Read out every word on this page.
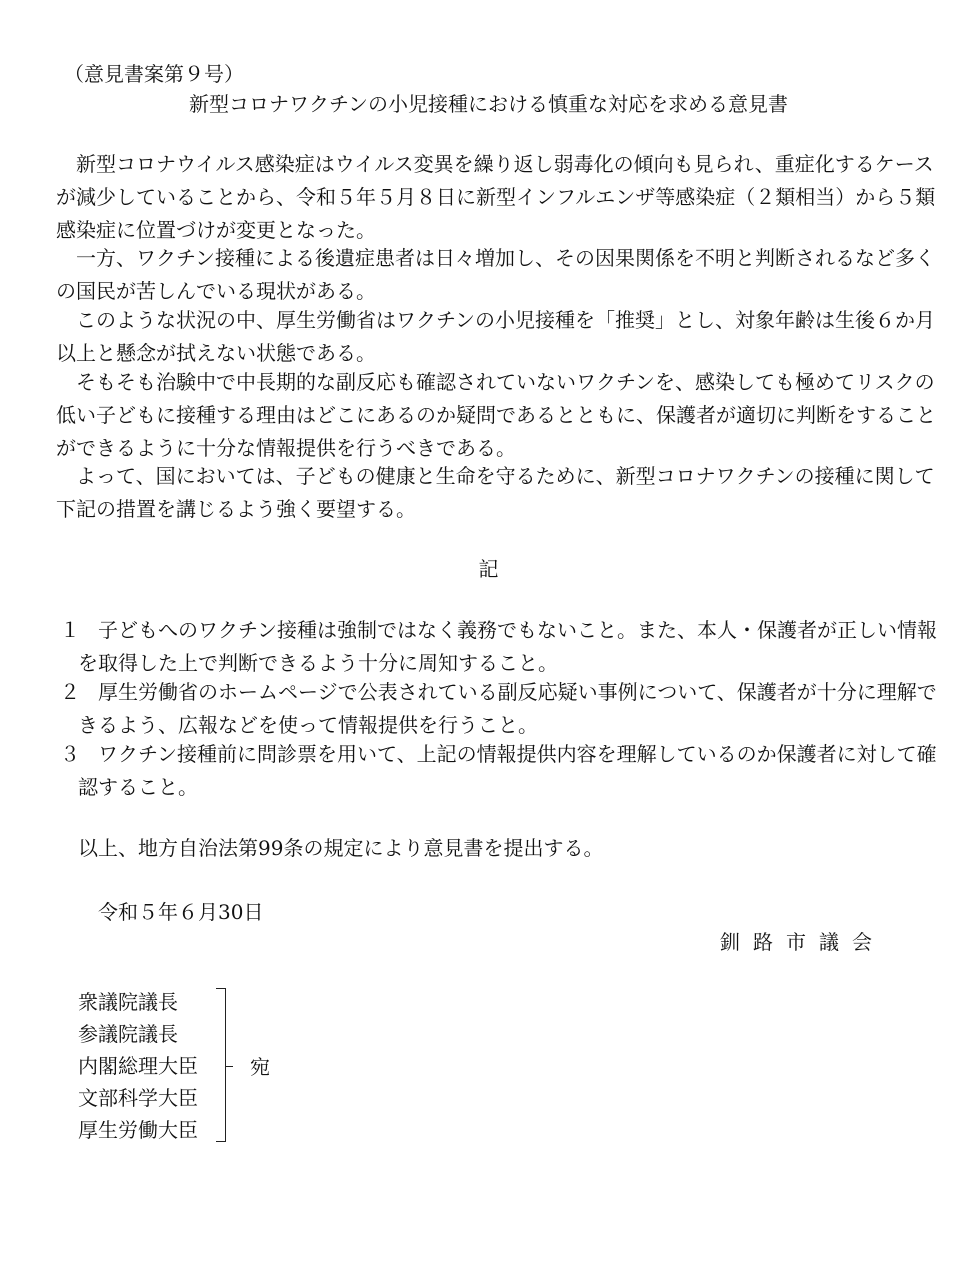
（意見書案第９号）
新型コロナワクチンの小児接種における慎重な対応を求める意見書

新型コロナウイルス感染症はウイルス変異を繰り返し弱毒化の傾向も見られ、重症化するケースが減少していることから、令和５年５月８日に新型インフルエンザ等感染症（２類相当）から５類感染症に位置づけが変更となった。

一方、ワクチン接種による後遺症患者は日々増加し、その因果関係を不明と判断されるなど多くの国民が苦しんでいる現状がある。

このような状況の中、厚生労働省はワクチンの小児接種を「推奨」とし、対象年齢は生後６か月以上と懸念が拭えない状態である。

そもそも治験中で中長期的な副反応も確認されていないワクチンを、感染しても極めてリスクの低い子どもに接種する理由はどこにあるのか疑問であるとともに、保護者が適切に判断をすることができるように十分な情報提供を行うべきである。

よって、国においては、子どもの健康と生命を守るために、新型コロナワクチンの接種に関して下記の措置を講じるよう強く要望する。

記
１ 子どもへのワクチン接種は強制ではなく義務でもないこと。また、本人・保護者が正しい情報を取得した上で判断できるよう十分に周知すること。
２ 厚生労働省のホームページで公表されている副反応疑い事例について、保護者が十分に理解できるよう、広報などを使って情報提供を行うこと。
３ ワクチン接種前に問診票を用いて、上記の情報提供内容を理解しているのか保護者に対して確認すること。
以上、地方自治法第99条の規定により意見書を提出する。
令和５年６月30日
釧路市議会
衆議院議長
参議院議長
内閣総理大臣
文部科学大臣
厚生労働大臣
宛
